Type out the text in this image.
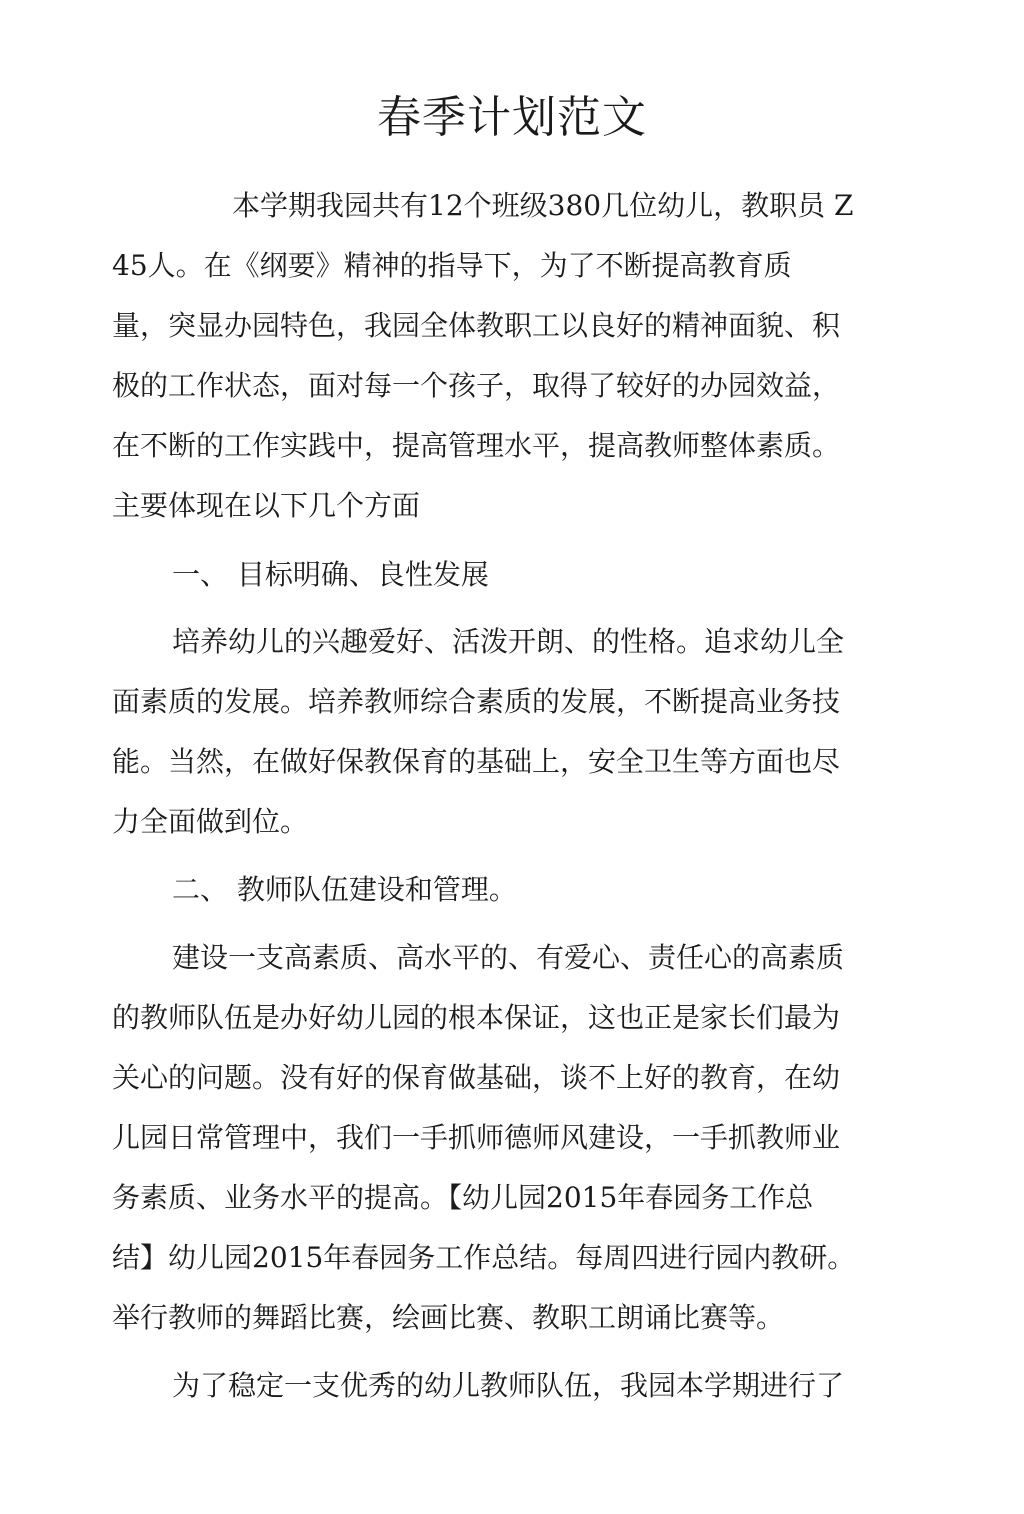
春季计划范文

本学期我园共有12个班级380几位幼儿，教职员 Z

45人。在《纲要》精神的指导下，为了不断提高教育质

量，突显办园特色，我园全体教职工以良好的精神面貌、积

极的工作状态，面对每一个孩子，取得了较好的办园效益，

在不断的工作实践中，提高管理水平，提高教师整体素质。

主要体现在以下几个方面

一、 目标明确、良性发展

培养幼儿的兴趣爱好、活泼开朗、的性格。追求幼儿全

面素质的发展。培养教师综合素质的发展，不断提高业务技

能。当然，在做好保教保育的基础上，安全卫生等方面也尽

力全面做到位。

二、 教师队伍建设和管理。

建设一支高素质、高水平的、有爱心、责任心的高素质

的教师队伍是办好幼儿园的根本保证，这也正是家长们最为

关心的问题。没有好的保育做基础，谈不上好的教育，在幼

儿园日常管理中，我们一手抓师德师风建设，一手抓教师业

务素质、业务水平的提高。【幼儿园2015年春园务工作总

结】幼儿园2015年春园务工作总结。每周四进行园内教研。

举行教师的舞蹈比赛，绘画比赛、教职工朗诵比赛等。

为了稳定一支优秀的幼儿教师队伍，我园本学期进行了
